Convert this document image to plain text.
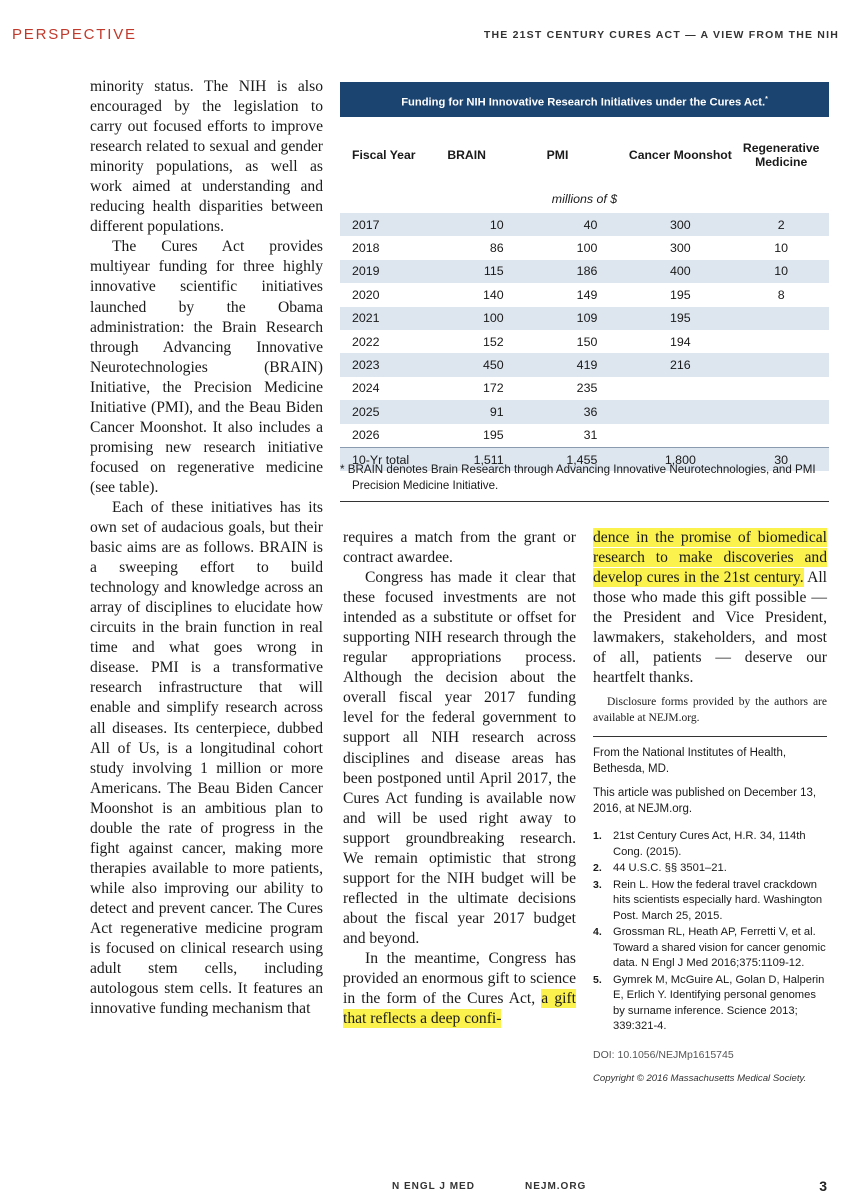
PERSPECTIVE	THE 21ST CENTURY CURES ACT — A VIEW FROM THE NIH

minority status. The NIH is also encouraged by the legislation to carry out focused efforts to improve research related to sexual and gender minority populations, as well as work aimed at understanding and reducing health disparities between different populations.

The Cures Act provides multiyear funding for three highly innovative scientific initiatives launched by the Obama administration: the Brain Research through Advancing Innovative Neurotechnologies (BRAIN) Initiative, the Precision Medicine Initiative (PMI), and the Beau Biden Cancer Moonshot. It also includes a promising new research initiative focused on regenerative medicine (see table).

Each of these initiatives has its own set of audacious goals, but their basic aims are as follows. BRAIN is a sweeping effort to build technology and knowledge across an array of disciplines to elucidate how circuits in the brain function in real time and what goes wrong in disease. PMI is a transformative research infrastructure that will enable and simplify research across all diseases. Its centerpiece, dubbed All of Us, is a longitudinal cohort study involving 1 million or more Americans. The Beau Biden Cancer Moonshot is an ambitious plan to double the rate of progress in the fight against cancer, making more therapies available to more patients, while also improving our ability to detect and prevent cancer. The Cures Act regenerative medicine program is focused on clinical research using adult stem cells, including autologous stem cells. It features an innovative funding mechanism that

Funding for NIH Innovative Research Initiatives under the Cures Act.*
Fiscal Year	BRAIN	PMI	Cancer Moonshot	Regenerative Medicine
millions of $				
2017	10	40	300	2
2018	86	100	300	10
2019	115	186	400	10
2020	140	149	195	8
2021	100	109	195	
2022	152	150	194	
2023	450	419	216	
2024	172	235		
2025	91	36		
2026	195	31		
10-Yr total	1,511	1,455	1,800	30
* BRAIN denotes Brain Research through Advancing Innovative Neurotechnologies, and PMI Precision Medicine Initiative.

requires a match from the grant or contract awardee.

Congress has made it clear that these focused investments are not intended as a substitute or offset for supporting NIH research through the regular appropriations process. Although the decision about the overall fiscal year 2017 funding level for the federal government to support all NIH research across disciplines and disease areas has been postponed until April 2017, the Cures Act funding is available now and will be used right away to support groundbreaking research. We remain optimistic that strong support for the NIH budget will be reflected in the ultimate decisions about the fiscal year 2017 budget and beyond.

In the meantime, Congress has provided an enormous gift to science in the form of the Cures Act, a gift that reflects a deep confi-

dence in the promise of biomedical research to make discoveries and develop cures in the 21st century. All those who made this gift possible — the President and Vice President, lawmakers, stakeholders, and most of all, patients — deserve our heartfelt thanks.

Disclosure forms provided by the authors are available at NEJM.org.

From the National Institutes of Health, Bethesda, MD.

This article was published on December 13, 2016, at NEJM.org.

1. 21st Century Cures Act, H.R. 34, 114th Cong. (2015).
2. 44 U.S.C. §§ 3501–21.
3. Rein L. How the federal travel crackdown hits scientists especially hard. Washington Post. March 25, 2015.
4. Grossman RL, Heath AP, Ferretti V, et al. Toward a shared vision for cancer genomic data. N Engl J Med 2016;375:1109-12.
5. Gymrek M, McGuire AL, Golan D, Halperin E, Erlich Y. Identifying personal genomes by surname inference. Science 2013; 339:321-4.

DOI: 10.1056/NEJMp1615745

Copyright © 2016 Massachusetts Medical Society.

N ENGL J MED	NEJM.ORG	3
